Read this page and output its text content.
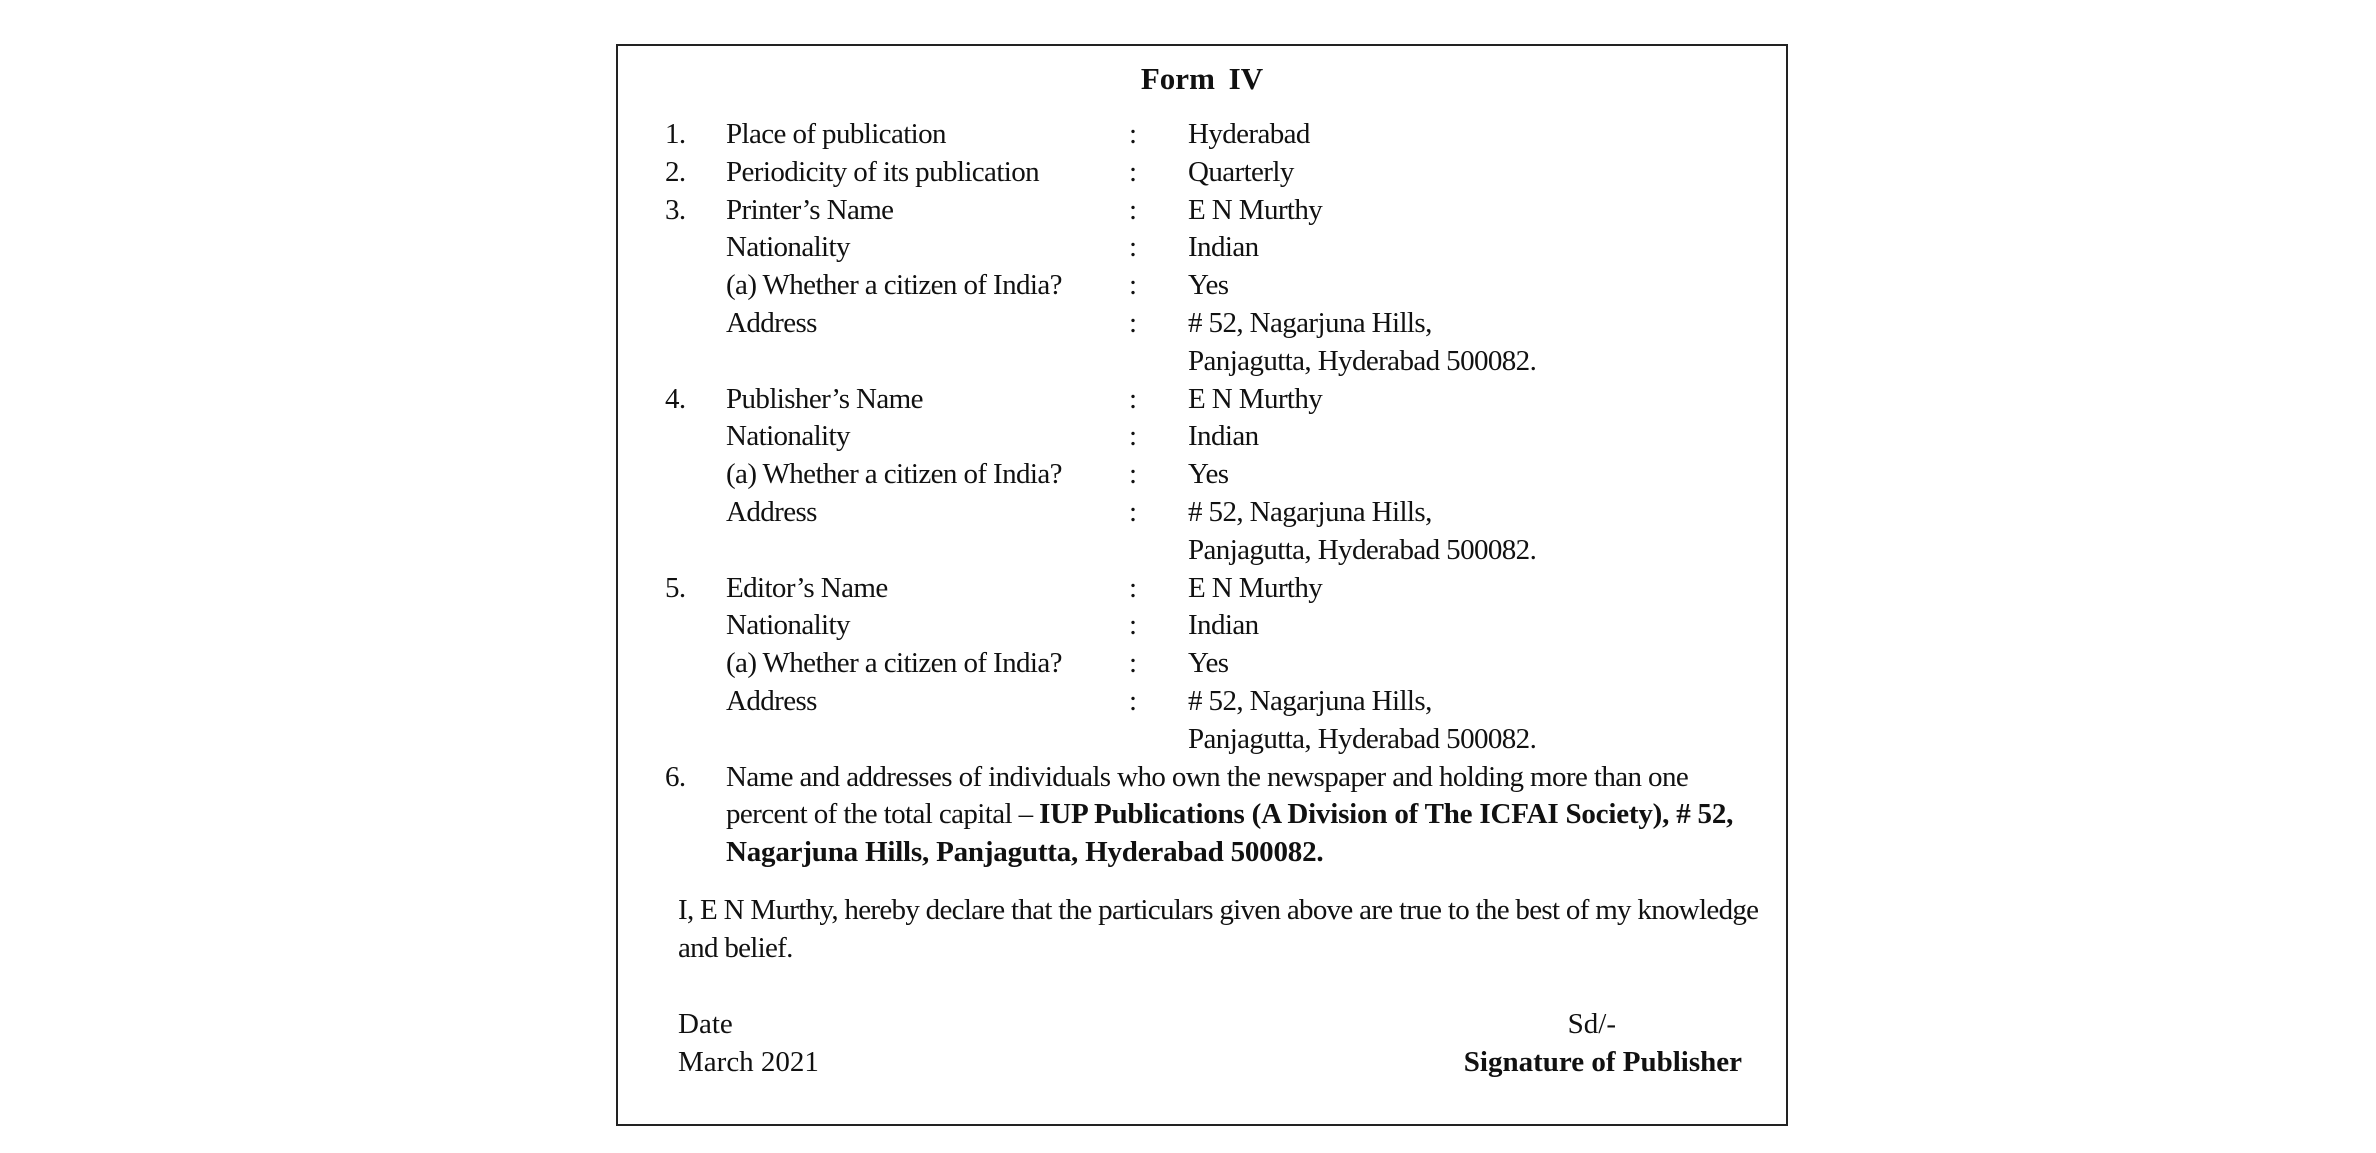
Form IV
1. Place of publication	: Hyderabad
2. Periodicity of its publication	: Quarterly
3. Printer’s Name	: E N Murthy
Nationality	: Indian
(a) Whether a citizen of India? : Yes
Address	: # 52, Nagarjuna Hills,
Panjagutta, Hyderabad 500082.
4. Publisher’s Name	: E N Murthy
Nationality	: Indian
(a) Whether a citizen of India? : Yes
Address	: # 52, Nagarjuna Hills,
Panjagutta, Hyderabad 500082.
5. Editor’s Name	: E N Murthy
Nationality	: Indian
(a) Whether a citizen of India? : Yes
Address	: # 52, Nagarjuna Hills,
Panjagutta, Hyderabad 500082.
6. Name and addresses of individuals who own the newspaper and holding more than one percent of the total capital – IUP Publications (A Division of The ICFAI Society), # 52, Nagarjuna Hills, Panjagutta, Hyderabad 500082.
I, E N Murthy, hereby declare that the particulars given above are true to the best of my knowledge and belief.
Date
March 2021
Sd/-
Signature of Publisher
